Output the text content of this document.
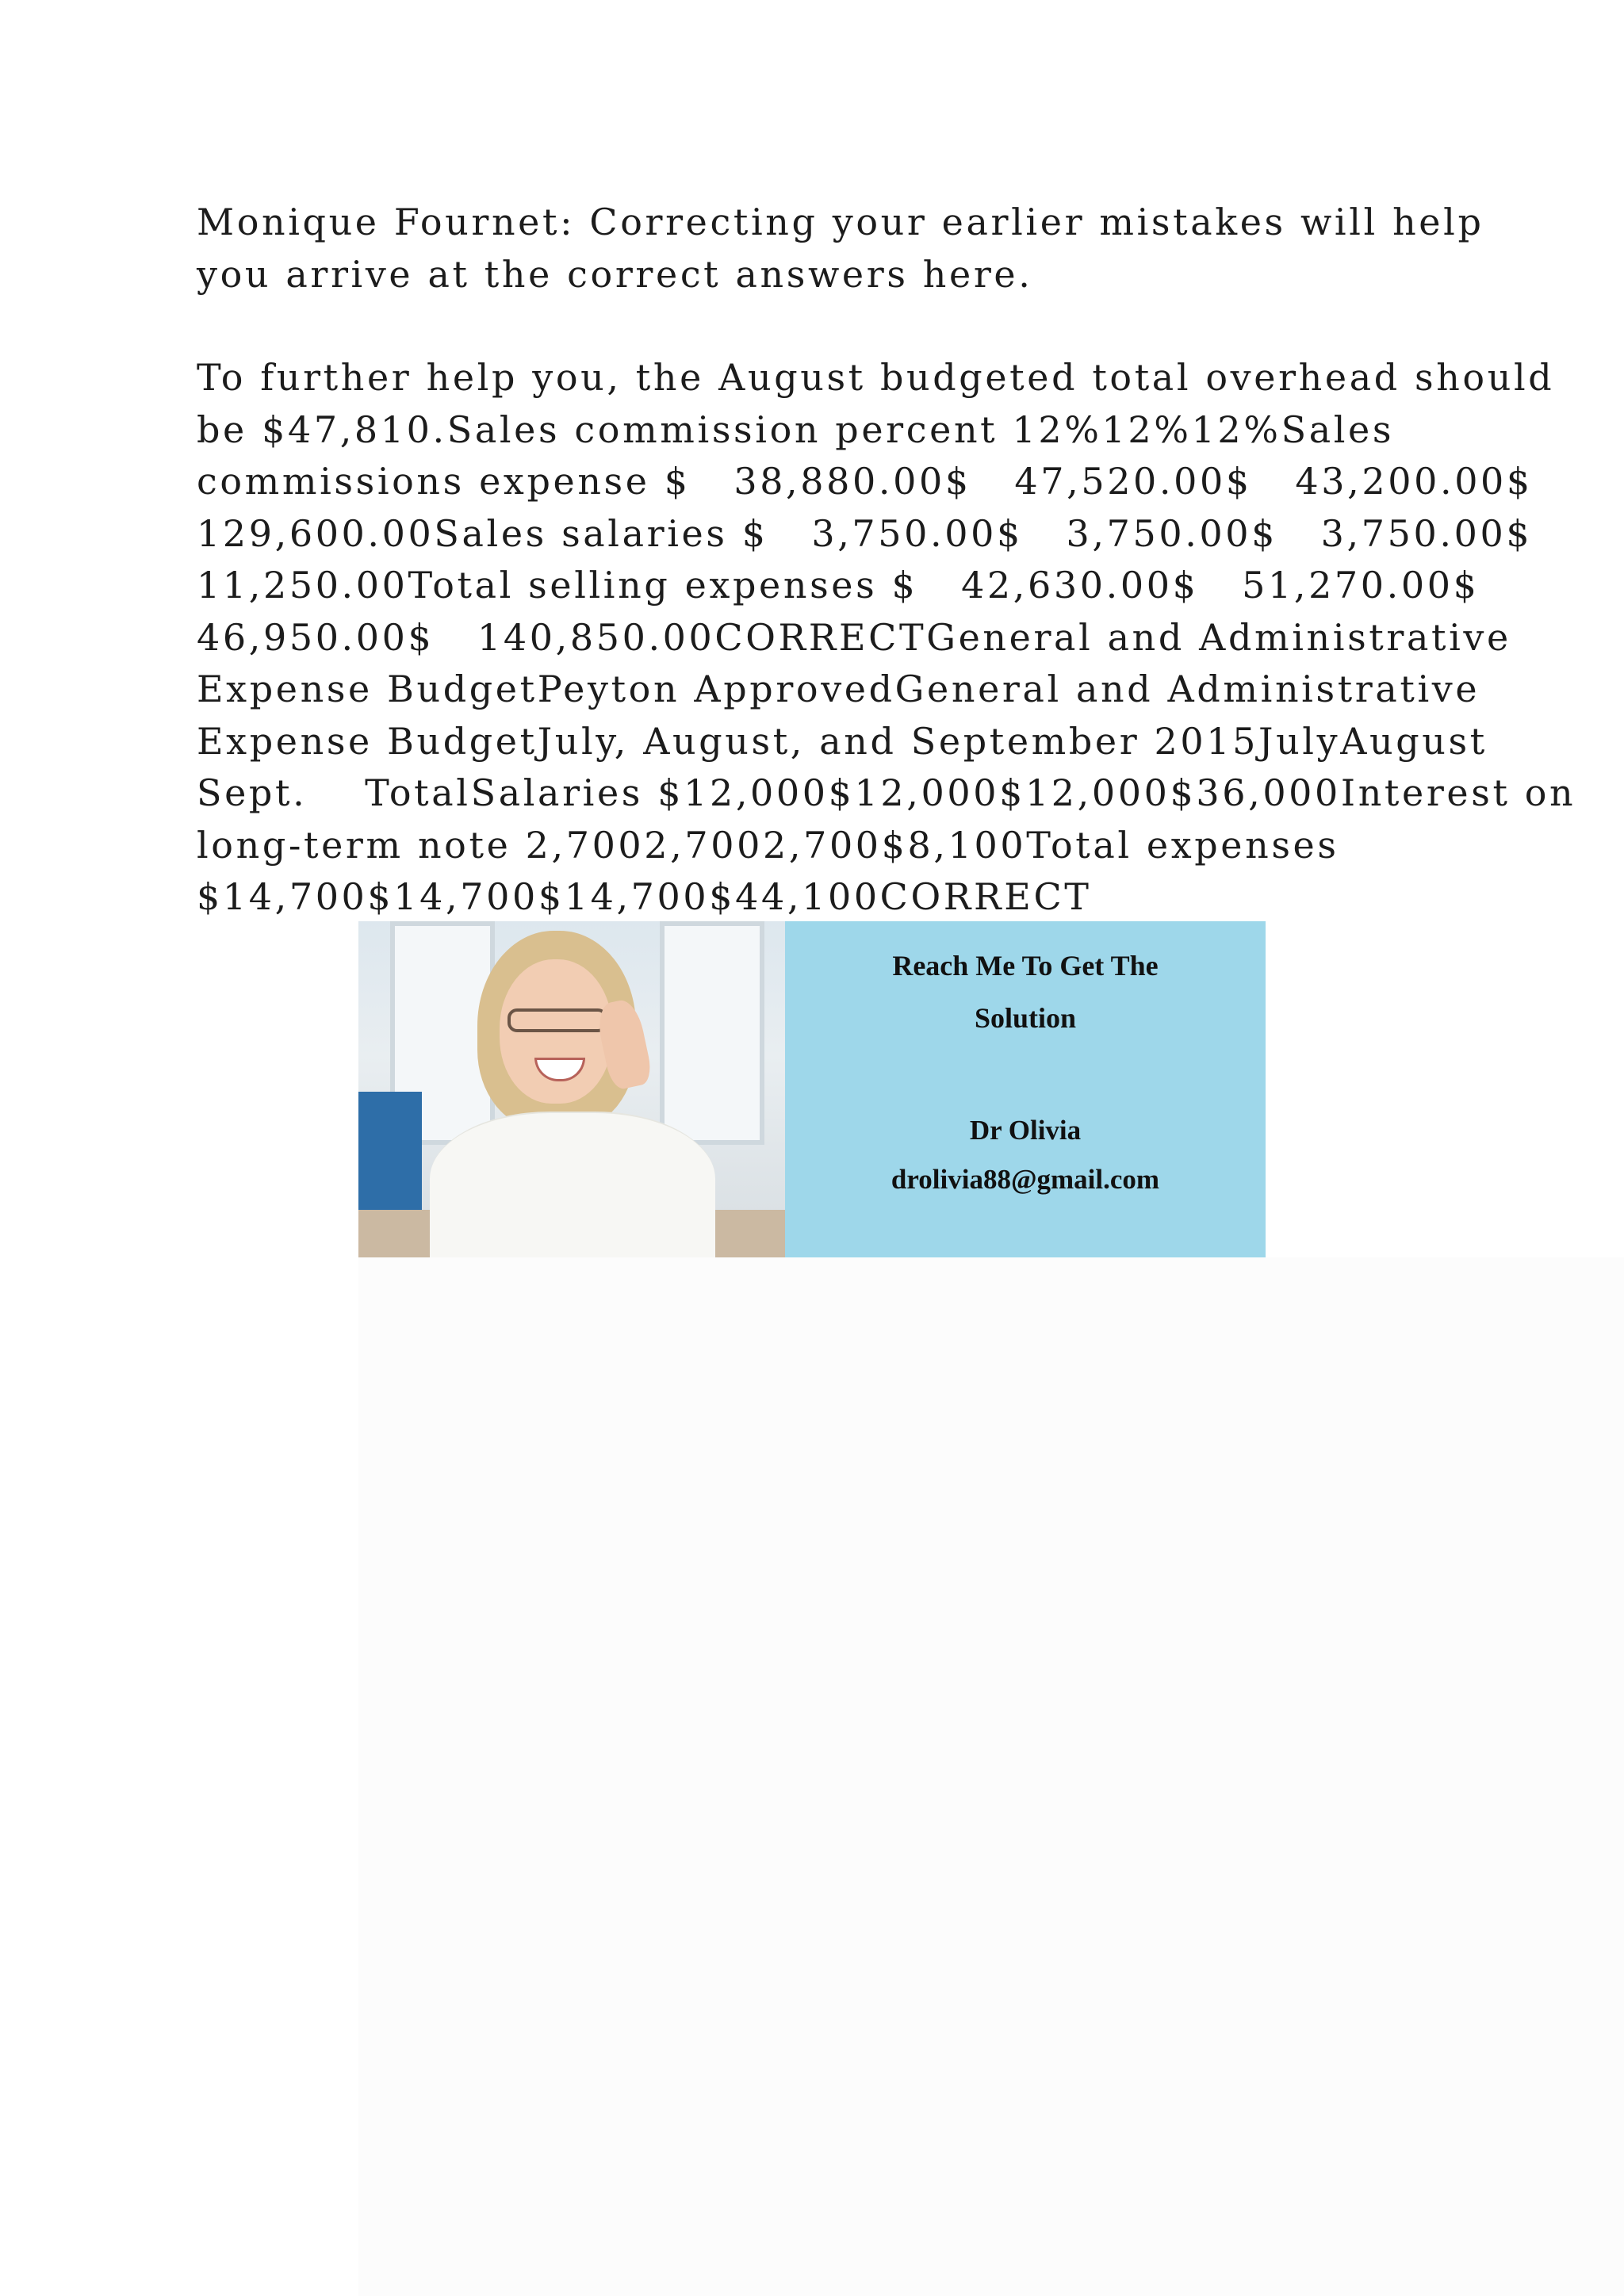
Monique Fournet: Correcting your earlier mistakes will help
you arrive at the correct answers here.
To further help you, the August budgeted total overhead should
be $47,810.Sales commission percent 12%12%12%Sales
commissions expense $   38,880.00$   47,520.00$   43,200.00$
129,600.00Sales salaries $   3,750.00$   3,750.00$   3,750.00$
11,250.00Total selling expenses $   42,630.00$   51,270.00$
46,950.00$   140,850.00CORRECTGeneral and Administrative
Expense BudgetPeyton ApprovedGeneral and Administrative
Expense BudgetJuly, August, and September 2015JulyAugust
Sept.    TotalSalaries $12,000$12,000$12,000$36,000Interest on
long-term note 2,7002,7002,700$8,100Total expenses
$14,700$14,700$14,700$44,100CORRECT
Reach Me To Get The
Solution
Dr Olivia
drolivia88@gmail.com
